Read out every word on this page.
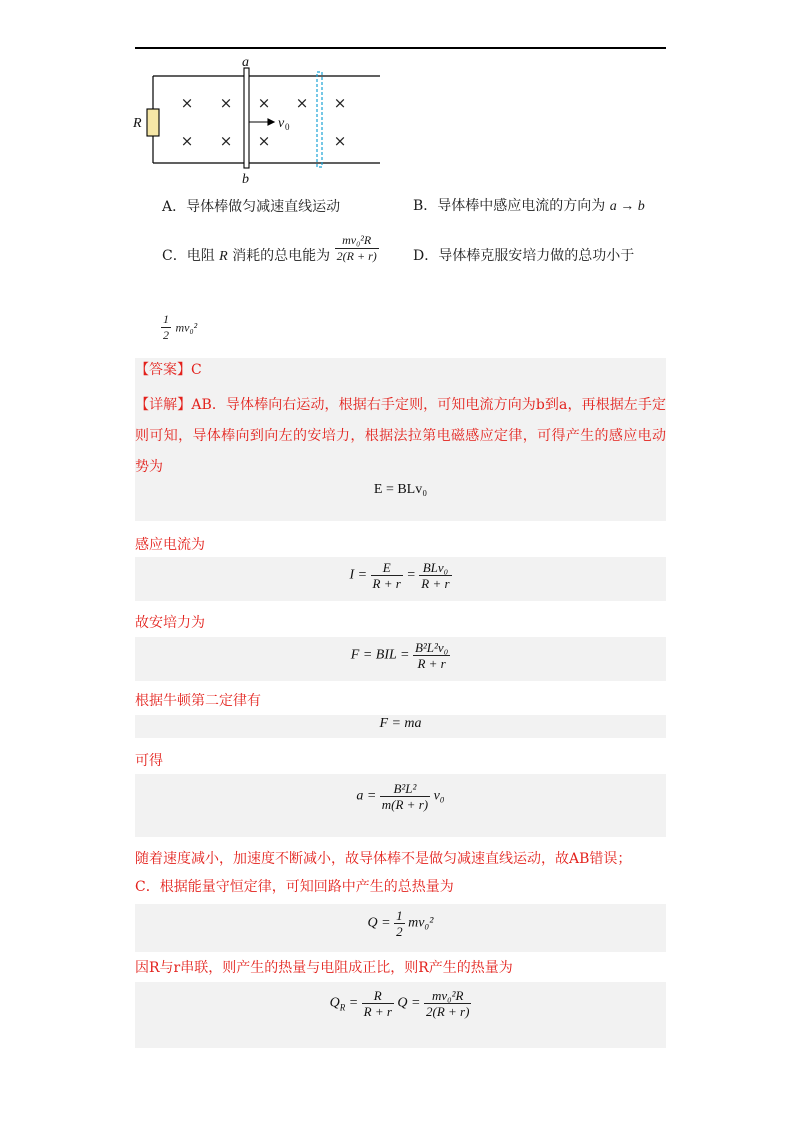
× × × × ×
× × ×	×
R
a
b
v 0
A．导体棒做匀减速直线运动	B．导体棒中感应电流的方向为 a → b
C．电阻 R 消耗的总电能为 $\frac{\text{mv₀²R}}{2(R + r)}$ D．导体棒克服安培力做的总功小于
$\frac{1}{2} mv_0^2$
【答案】C
【详解】AB．导体棒向右运动，根据右手定则，可知电流方向为b到a，再根据左手定则可知，导体棒向到向左的安培力，根据法拉第电磁感应定律，可得产生的感应电动势为
E = BLv₀
感应电流为
$I = \frac{E}{R + r} = \frac{\text{BLv₀}}{R + r}$
故安培力为
F = BIL = $\frac{\text{B²L²v₀}}{R + r}$
根据牛顿第二定律有
F = ma
可得
$a = \frac{\text{B²L²}}{m(R + r)} v_0$
随着速度减小，加速度不断减小，故导体棒不是做匀减速直线运动，故AB错误；
C．根据能量守恒定律，可知回路中产生的总热量为
$Q = \frac{1}{2} mv_0^2$
因R与r串联，则产生的热量与电阻成正比，则R产生的热量为
$Q_R = \frac{R}{R + r}$ $Q = \frac{\text{mv₀²R}}{2(R + r)}$
